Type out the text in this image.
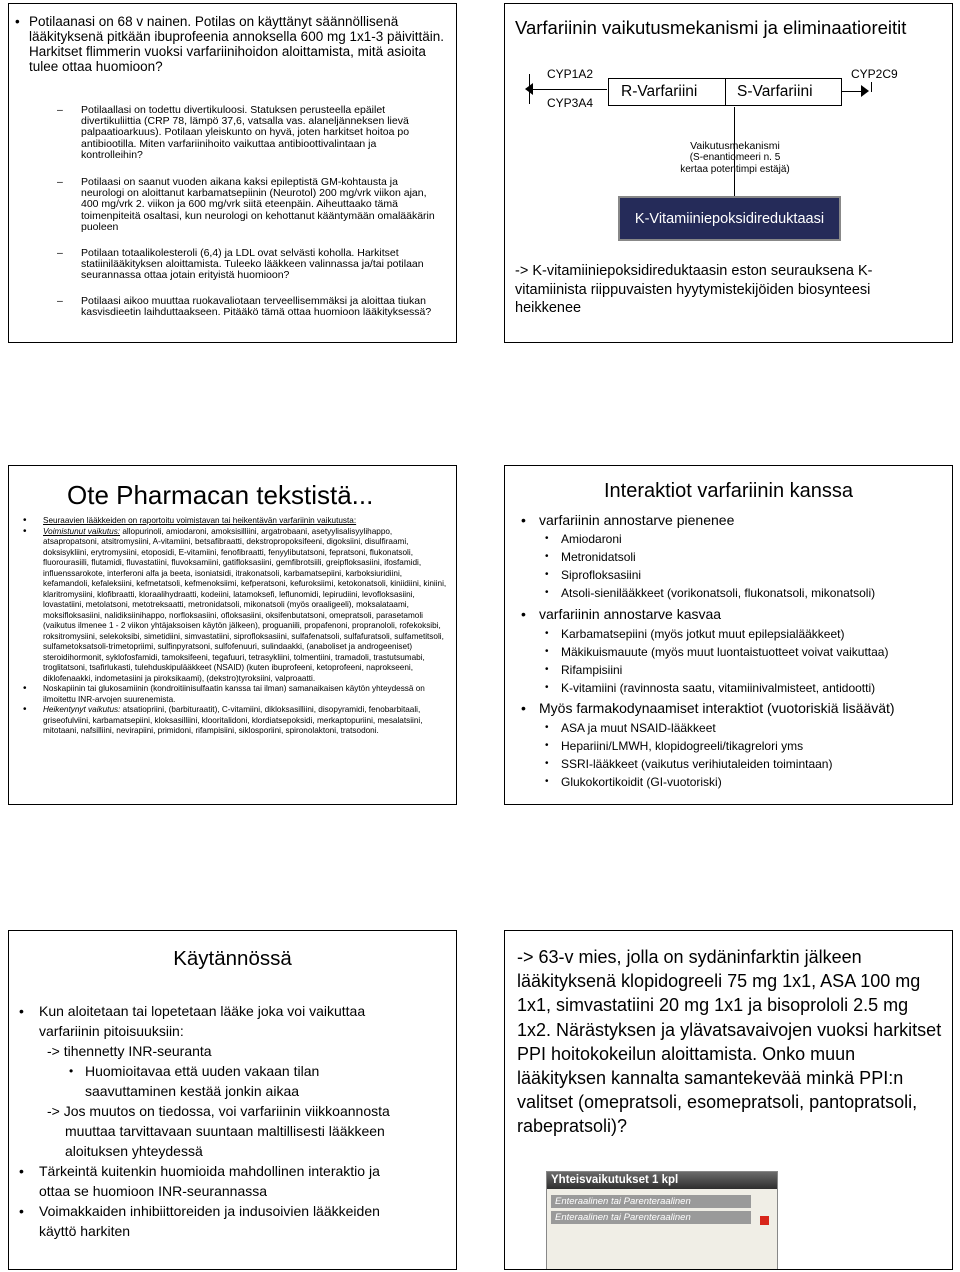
• Potilaanasi on 68 v nainen. Potilas on käyttänyt säännöllisenä lääkityksenä pitkään ibuprofeenia annoksella 600 mg 1x1-3 päivittäin. Harkitset flimmerin vuoksi varfariinihoidon aloittamista, mitä asioita tulee ottaa huomioon?
– Potilaallasi on todettu divertikuloosi. Statuksen perusteella epäilet divertikuliittia (CRP 78, lämpö 37,6, vatsalla vas. alaneljänneksen lievä palpaatioarkuus). Potilaan yleiskunto on hyvä, joten harkitset hoitoa po antibiootilla. Miten varfariinihoito vaikuttaa antibioottivalintaan ja kontrolleihin?
– Potilaasi on saanut vuoden aikana kaksi epileptistä GM-kohtausta ja neurologi on aloittanut karbamatsepiinin (Neurotol) 200 mg/vrk viikon ajan, 400 mg/vrk 2. viikon ja 600 mg/vrk siitä eteenpäin. Aiheuttaako tämä toimenpiteitä osaltasi, kun neurologi on kehottanut kääntymään omalääkärin puoleen
– Potilaan totaalikolesteroli (6,4) ja LDL ovat selvästi koholla. Harkitset statiinilääkityksen aloittamista. Tuleeko lääkkeen valinnassa ja/tai potilaan seurannassa ottaa jotain erityistä huomioon?
– Potilaasi aikoo muuttaa ruokavaliotaan terveellisemmäksi ja aloittaa tiukan kasvisdieetin laihduttaakseen. Pitääkö tämä ottaa huomioon lääkityksessä?
Varfariinin vaikutusmekanismi ja eliminaatioreitit
CYP1A2
CYP3A4
CYP2C9
R-Varfariini	S-Varfariini
Vaikutusmekanismi
(S-enantiomeeri n. 5
kertaa potentimpi estäjä)
K-Vitamiiniepoksidireduktaasi
-> K-vitamiiniepoksidireduktaasin eston seurauksena K-vitamiinista riippuvaisten hyytymistekijöiden biosynteesi heikkenee
Ote Pharmacan tekstistä...
• Seuraavien lääkkeiden on raportoitu voimistavan tai heikentävän varfariinin vaikutusta:
• Voimistunut vaikutus: allopurinoli, amiodaroni, amoksisilliini, argatrobaani, asetyylisalisyylihappo, atsapropatsoni, atsitromysiini, A-vitamiini, betsafibraatti, dekstropropoksifeeni, digoksiini, disulfiraami, doksisykliini, erytromysiini, etoposidi, E-vitamiini, fenofibraatti, fenyylibutatsoni, fepratsoni, flukonatsoli, fluorourasiili, flutamidi, fluvastatiini, fluvoksamiini, gatifloksasiini, gemfibrotsiili, greipfloksasiini, ifosfamidi, influenssarokote, interferoni alfa ja beeta, isoniatsidi, itrakonatsoli, karbamatsepiini, karboksiuridiini, kefamandoli, kefaleksiini, kefmetatsoli, kefmenoksiimi, kefperatsoni, kefuroksiimi, ketokonatsoli, kiniidiini, kiniini, klaritromysiini, klofibraatti, kloraalihydraatti, kodeiini, latamoksefi, leflunomidi, lepirudiini, levofloksasiini, lovastatiini, metolatsoni, metotreksaatti, metronidatsoli, mikonatsoli (myös oraaligeeli), moksalataami, moksifloksasiini, nalidiksiinihappo, norfloksasiini, ofloksasiini, oksifenbutatsoni, omepratsoli, parasetamoli (vaikutus ilmenee 1 - 2 viikon yhtäjaksoisen käytön jälkeen), proguaniili, propafenoni, propranololi, rofekoksibi, roksitromysiini, selekoksibi, simetidiini, simvastatiini, siprofloksasiini, sulfafenatsoli, sulfafuratsoli, sulfametitsoli, sulfametoksatsoli-trimetopriimi, sulfinpyratsoni, sulfofenuuri, sulindaakki, (anaboliset ja androgeeniset) steroidihormonit, syklofosfamidi, tamoksifeeni, tegafuuri, tetrasykliini, tolmentiini, tramadoli, trastutsumabi, troglitatsoni, tsafirlukasti, tulehduskipulääkkeet (NSAID) (kuten ibuprofeeni, ketoprofeeni, naprokseeni, diklofenaakki, indometasiini ja piroksikaami), (dekstro)tyroksiini, valproaatti.
• Noskapiinin tai glukosamiinin (kondroitiinisulfaatin kanssa tai ilman) samanaikaisen käytön yhteydessä on ilmoitettu INR-arvojen suurenemista.
• Heikentynyt vaikutus: atsatiopriini, (barbituraatit), C-vitamiini, dikloksasilliini, disopyramidi, fenobarbitaali, griseofulviini, karbamatsepiini, kloksasilliini, klooritalidoni, klordiatsepoksidi, merkaptopuriini, mesalatsiini, mitotaani, nafsilliini, nevirapiini, primidoni, rifampisiini, siklosporiini, spironolaktoni, tratsodoni.
Interaktiot varfariinin kanssa
• varfariinin annostarve pienenee
• Amiodaroni
• Metronidatsoli
• Siprofloksasiini
• Atsoli-sienilääkkeet (vorikonatsoli, flukonatsoli, mikonatsoli)
• varfariinin annostarve kasvaa
• Karbamatsepiini (myös jotkut muut epilepsialääkkeet)
• Mäkikuismauute (myös muut luontaistuotteet voivat vaikuttaa)
• Rifampisiini
• K-vitamiini (ravinnosta saatu, vitamiinivalmisteet, antidootti)
• Myös farmakodynaamiset interaktiot (vuotoriskiä lisäävät)
• ASA ja muut NSAID-lääkkeet
• Hepariini/LMWH, klopidogreeli/tikagrelori yms
• SSRI-lääkkeet (vaikutus verihiutaleiden toimintaan)
• Glukokortikoidit (GI-vuotoriski)
Käytännössä
• Kun aloitetaan tai lopetetaan lääke joka voi vaikuttaa
varfariinin pitoisuuksiin:
-> tihennetty INR-seuranta
• Huomioitavaa että uuden vakaan tilan
saavuttaminen kestää jonkin aikaa
-> Jos muutos on tiedossa, voi varfariinin viikkoannosta
muuttaa tarvittavaan suuntaan maltillisesti lääkkeen
aloituksen yhteydessä
• Tärkeintä kuitenkin huomioida mahdollinen interaktio ja
ottaa se huomioon INR-seurannassa
• Voimakkaiden inhibiittoreiden ja indusoivien lääkkeiden
käyttö harkiten
-> 63-v mies, jolla on sydäninfarktin jälkeen lääkityksenä klopidogreeli 75 mg 1x1, ASA 100 mg 1x1, simvastatiini 20 mg 1x1 ja bisoprololi 2.5 mg 1x2. Närästyksen ja ylävatsavaivojen vuoksi harkitset PPI hoitokokeilun aloittamista. Onko muun lääkityksen kannalta samantekevää minkä PPI:n valitset (omepratsoli, esomepratsoli, pantopratsoli, rabepratsoli)?
Yhteisvaikutukset 1 kpl
Enteraalinen tai Parenteraalinen
Enteraalinen tai Parenteraalinen
